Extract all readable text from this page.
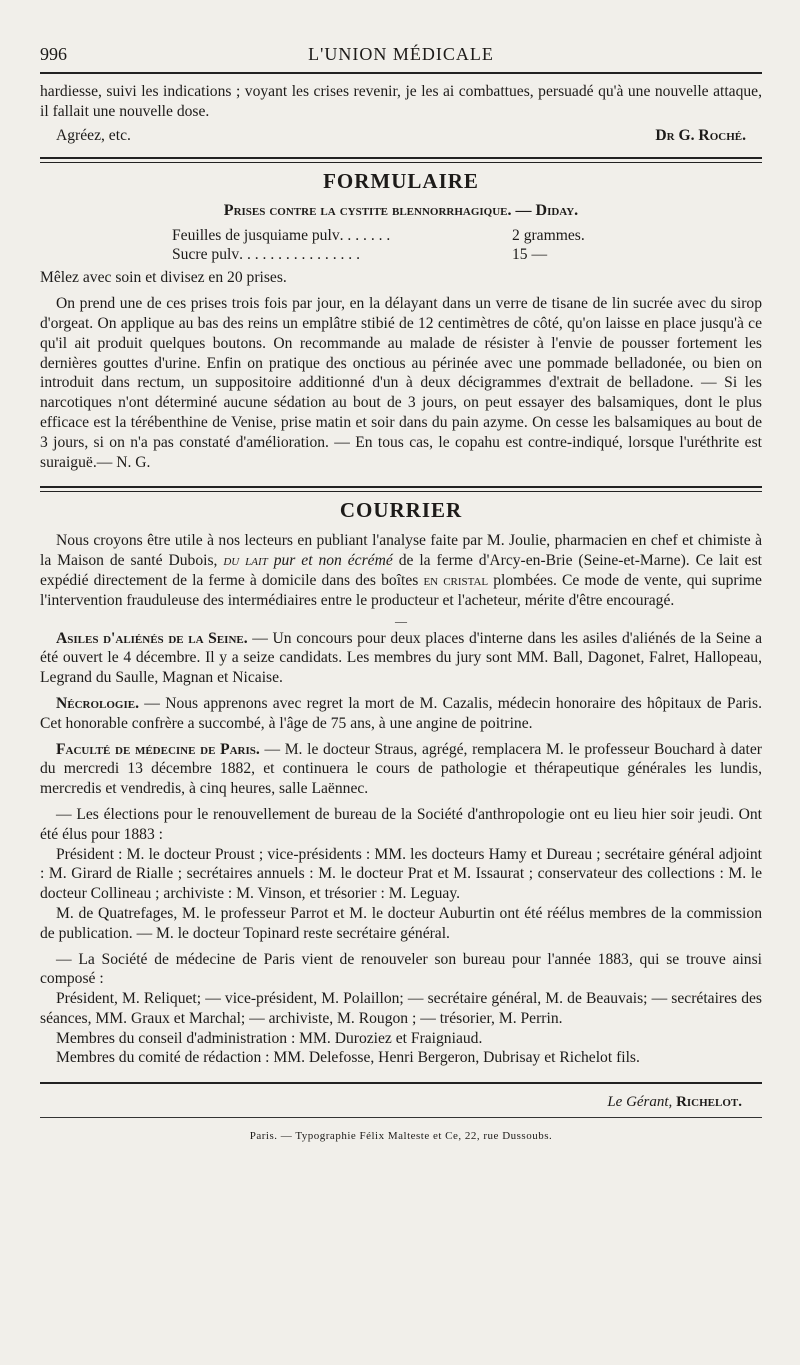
996	L'UNION MÉDICALE

hardiesse, suivi les indications ; voyant les crises revenir, je les ai combattues, persuadé qu'à une nouvelle attaque, il fallait une nouvelle dose.

Agréez, etc.	Dr G. Roché.
FORMULAIRE
Prises contre la cystite blennorrhagique. — Diday.
Feuilles de jusquiame pulv . . . . . . .	2 grammes.
Sucre pulv . . . . . . . . . . . . . . . .	15 —

Mêlez avec soin et divisez en 20 prises.

On prend une de ces prises trois fois par jour, en la délayant dans un verre de tisane de lin sucrée avec du sirop d'orgeat. On applique au bas des reins un emplâtre stibié de 12 centimètres de côté, qu'on laisse en place jusqu'à ce qu'il ait produit quelques boutons. On recommande au malade de résister à l'envie de pousser fortement les dernières gouttes d'urine. Enfin on pratique des onctious au périnée avec une pommade belladonée, ou bien on introduit dans rectum, un suppositoire additionné d'un à deux décigrammes d'extrait de belladone. — Si les narcotiques n'ont déterminé aucune sédation au bout de 3 jours, on peut essayer des balsamiques, dont le plus efficace est la térébenthine de Venise, prise matin et soir dans du pain azyme. On cesse les balsamiques au bout de 3 jours, si on n'a pas constaté d'amélioration. — En tous cas, le copahu est contre-indiqué, lorsque l'uréthrite est suraiguë.— N. G.

COURRIER

Nous croyons être utile à nos lecteurs en publiant l'analyse faite par M. Joulie, pharmacien en chef et chimiste à la Maison de santé Dubois, du lait pur et non écrémé de la ferme d'Arcy-en-Brie (Seine-et-Marne). Ce lait est expédié directement de la ferme à domicile dans des boîtes en cristal plombées. Ce mode de vente, qui suprime l'intervention frauduleuse des intermédiaires entre le producteur et l'acheteur, mérite d'être encouragé.

—

Asiles d'aliénés de la Seine. — Un concours pour deux places d'interne dans les asiles d'aliénés de la Seine a été ouvert le 4 décembre. Il y a seize candidats. Les membres du jury sont MM. Ball, Dagonet, Falret, Hallopeau, Legrand du Saulle, Magnan et Nicaise.

Nécrologie. — Nous apprenons avec regret la mort de M. Cazalis, médecin honoraire des hôpitaux de Paris. Cet honorable confrère a succombé, à l'âge de 75 ans, à une angine de poitrine.

Faculté de médecine de Paris. — M. le docteur Straus, agrégé, remplacera M. le professeur Bouchard à dater du mercredi 13 décembre 1882, et continuera le cours de pathologie et thérapeutique générales les lundis, mercredis et vendredis, à cinq heures, salle Laënnec.

— Les élections pour le renouvellement de bureau de la Société d'anthropologie ont eu lieu hier soir jeudi. Ont été élus pour 1883 :

Président : M. le docteur Proust ; vice-présidents : MM. les docteurs Hamy et Dureau ; secrétaire général adjoint : M. Girard de Rialle ; secrétaires annuels : M. le docteur Prat et M. Issaurat ; conservateur des collections : M. le docteur Collineau ; archiviste : M. Vinson, et trésorier : M. Leguay.

M. de Quatrefages, M. le professeur Parrot et M. le docteur Auburtin ont été réélus membres de la commission de publication. — M. le docteur Topinard reste secrétaire général.

— La Société de médecine de Paris vient de renouveler son bureau pour l'année 1883, qui se trouve ainsi composé :

Président, M. Reliquet; — vice-président, M. Polaillon; — secrétaire général, M. de Beauvais; — secrétaires des séances, MM. Graux et Marchal; — archiviste, M. Rougon ; — trésorier, M. Perrin.

Membres du conseil d'administration : MM. Duroziez et Fraigniaud.

Membres du comité de rédaction : MM. Delefosse, Henri Bergeron, Dubrisay et Richelot fils.

Le Gérant, Richelot.
Paris. — Typographie Félix Malteste et Ce, 22, rue Dussoubs.
